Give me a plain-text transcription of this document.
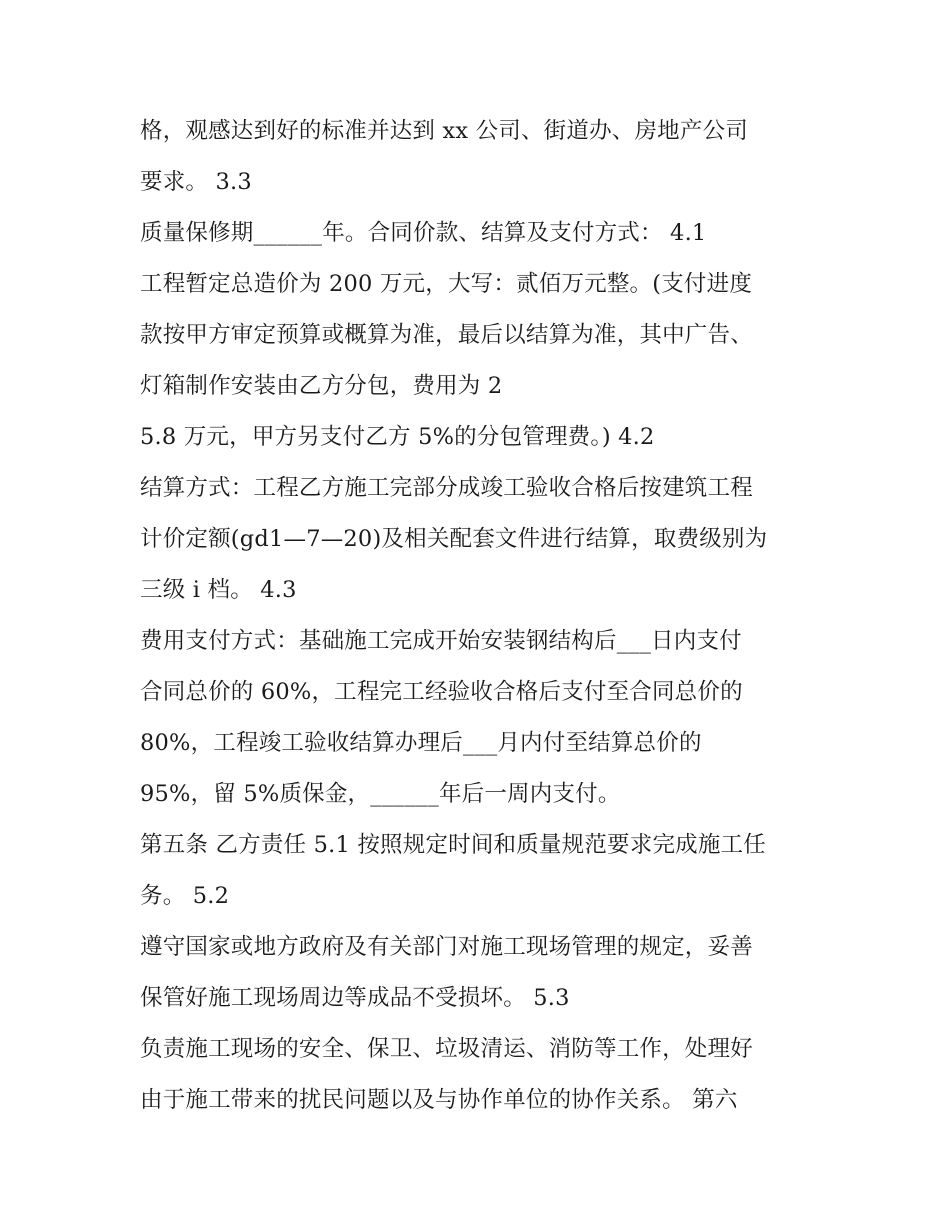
格，观感达到好的标准并达到 xx 公司、街道办、房地产公司
要求。 3.3
质量保修期______年。合同价款、结算及支付方式： 4.1
工程暂定总造价为 200 万元，大写：贰佰万元整。(支付进度
款按甲方审定预算或概算为准，最后以结算为准，其中广告、
灯箱制作安装由乙方分包，费用为 2
5.8 万元，甲方另支付乙方 5%的分包管理费。) 4.2
结算方式：工程乙方施工完部分成竣工验收合格后按建筑工程
计价定额(gd1—7—20)及相关配套文件进行结算，取费级别为
三级 ⅰ 档。 4.3
费用支付方式：基础施工完成开始安装钢结构后___日内支付
合同总价的 60%，工程完工经验收合格后支付至合同总价的
80%，工程竣工验收结算办理后___月内付至结算总价的
95%，留 5%质保金，______年后一周内支付。
第五条 乙方责任 5.1 按照规定时间和质量规范要求完成施工任
务。 5.2
遵守国家或地方政府及有关部门对施工现场管理的规定，妥善
保管好施工现场周边等成品不受损坏。 5.3
负责施工现场的安全、保卫、垃圾清运、消防等工作，处理好
由于施工带来的扰民问题以及与协作单位的协作关系。 第六
